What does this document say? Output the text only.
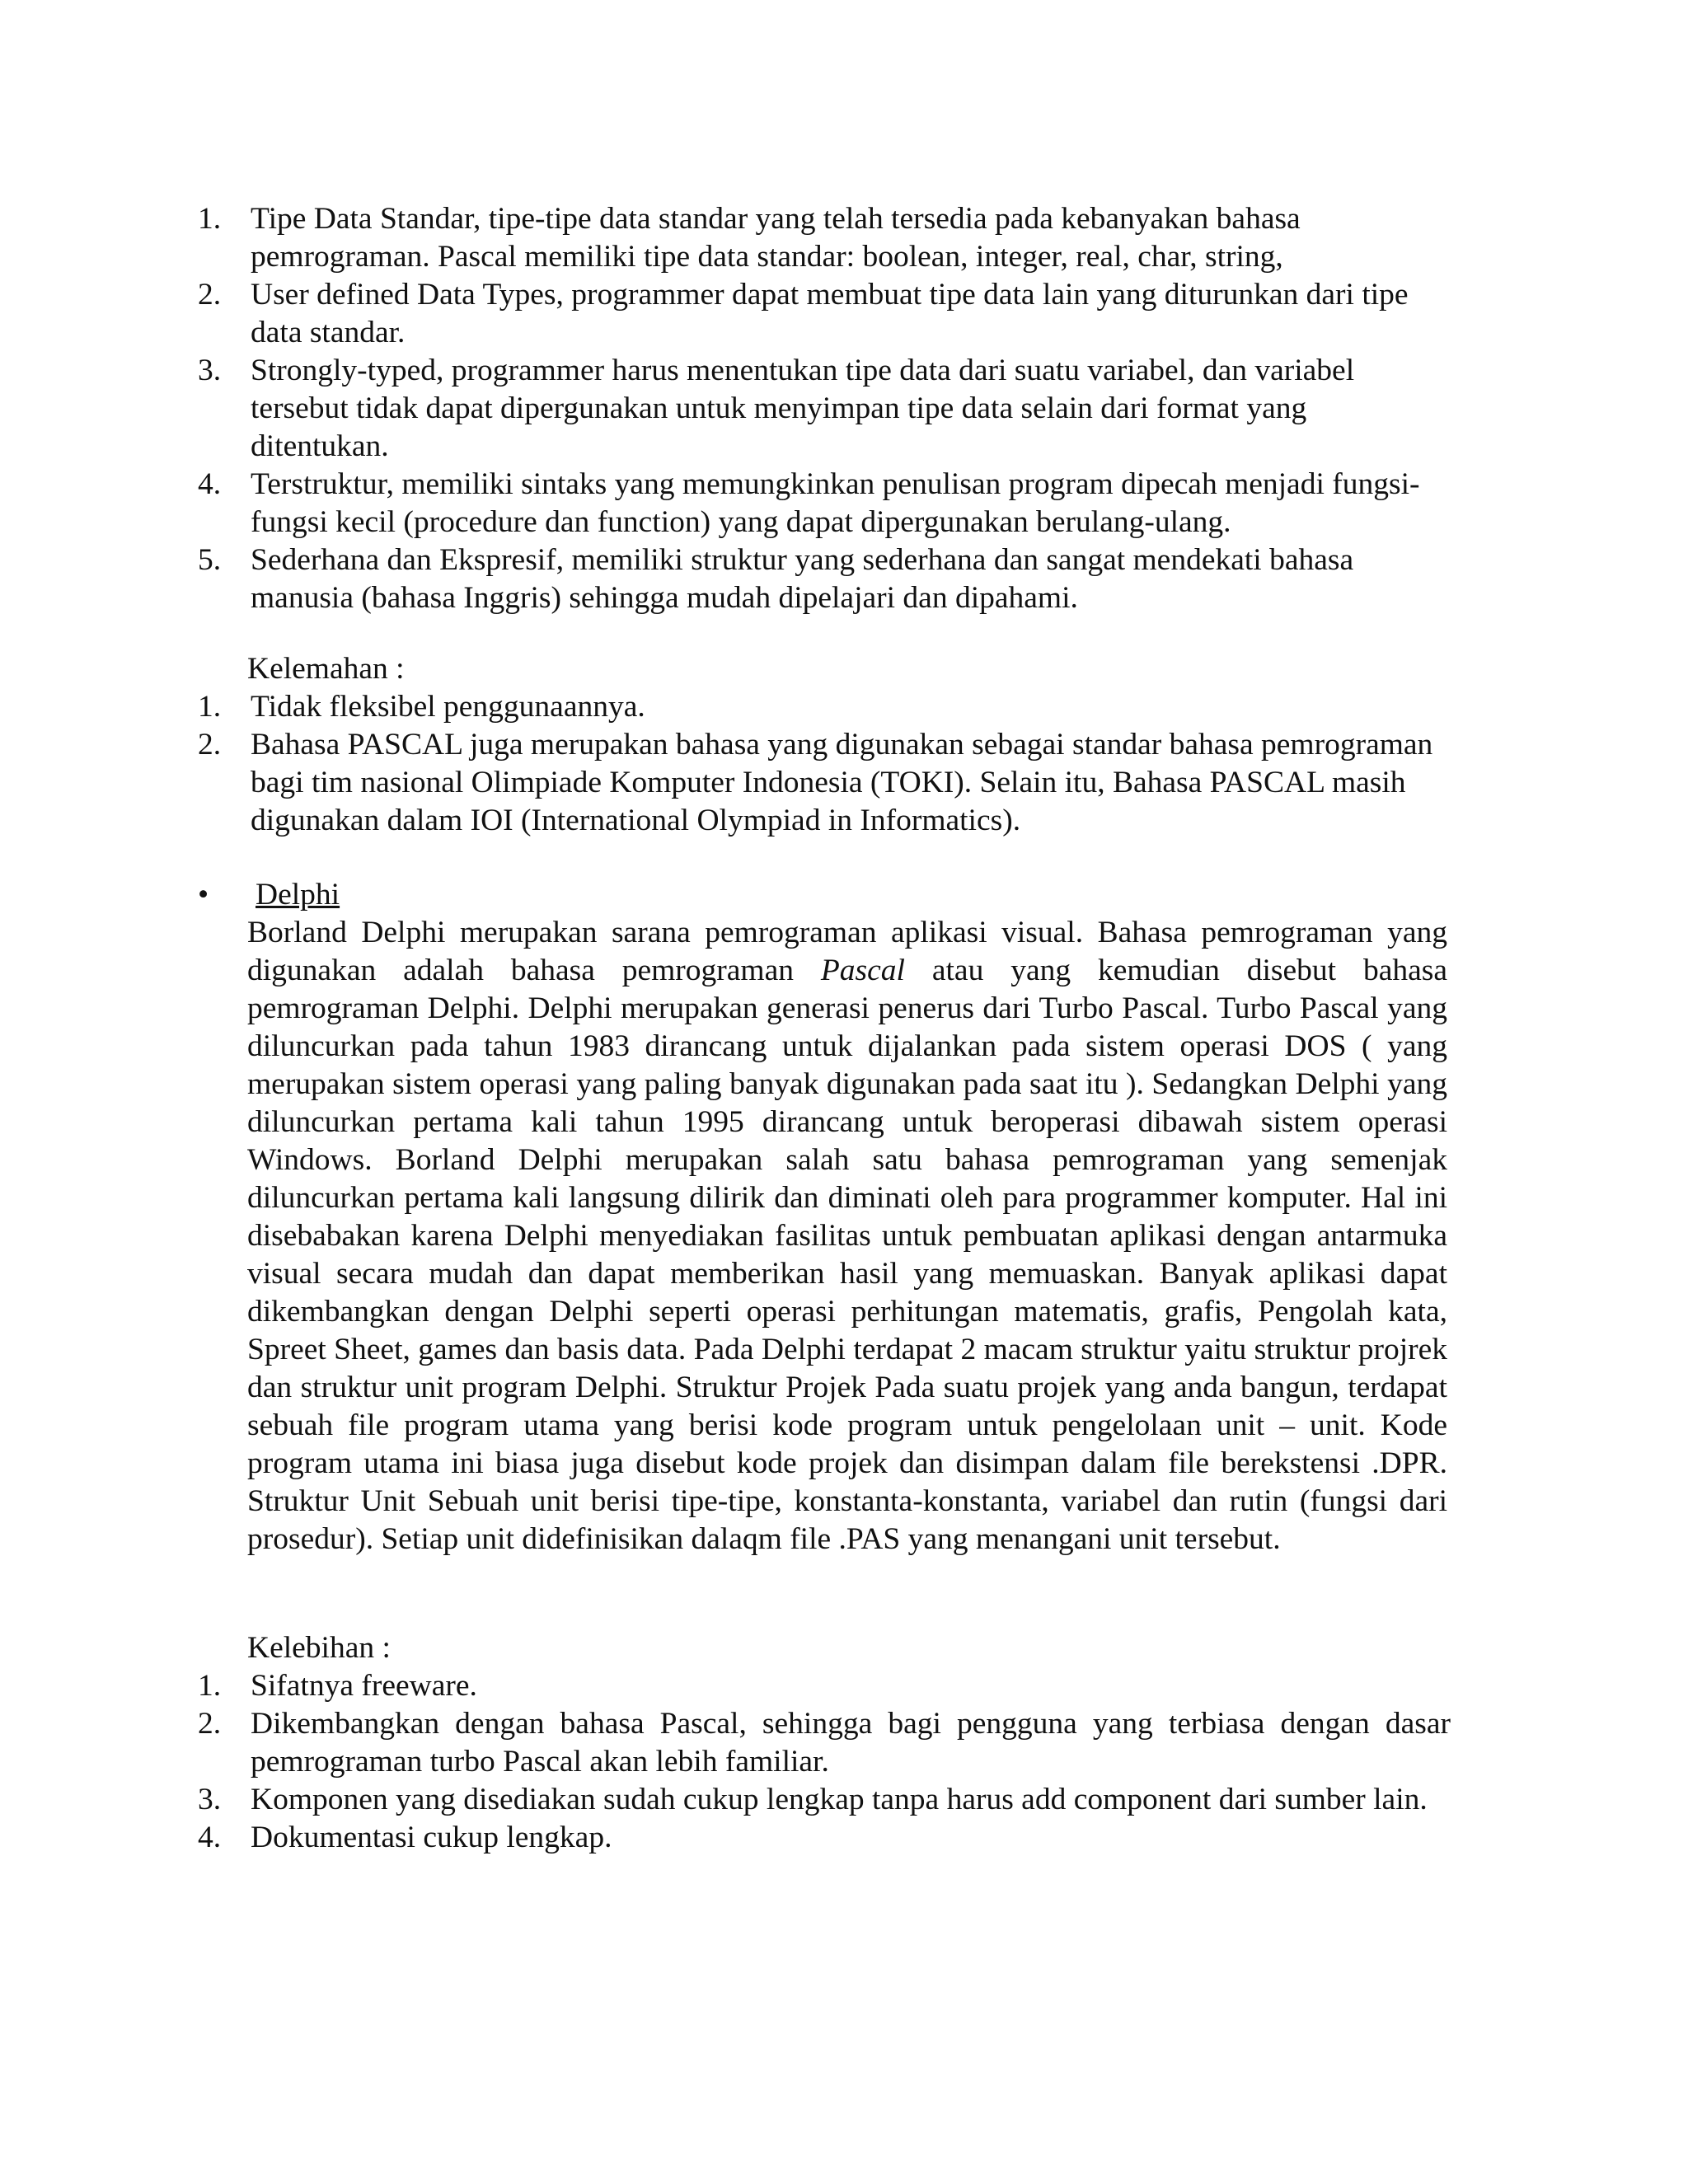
1. Tipe Data Standar, tipe-tipe data standar yang telah tersedia pada kebanyakan bahasa pemrograman. Pascal memiliki tipe data standar: boolean, integer, real, char, string,
2. User defined Data Types, programmer dapat membuat tipe data lain yang diturunkan dari tipe data standar.
3. Strongly-typed, programmer harus menentukan tipe data dari suatu variabel, dan variabel tersebut tidak dapat dipergunakan untuk menyimpan tipe data selain dari format yang ditentukan.
4. Terstruktur, memiliki sintaks yang memungkinkan penulisan program dipecah menjadi fungsi-fungsi kecil (procedure dan function) yang dapat dipergunakan berulang-ulang.
5. Sederhana dan Ekspresif, memiliki struktur yang sederhana dan sangat mendekati bahasa manusia (bahasa Inggris) sehingga mudah dipelajari dan dipahami.
Kelemahan :
1. Tidak fleksibel penggunaannya.
2. Bahasa PASCAL juga merupakan bahasa yang digunakan sebagai standar bahasa pemrograman bagi tim nasional Olimpiade Komputer Indonesia (TOKI). Selain itu, Bahasa PASCAL masih digunakan dalam IOI (International Olympiad in Informatics).
• Delphi

Borland Delphi merupakan sarana pemrograman aplikasi visual. Bahasa pemrograman yang digunakan adalah bahasa pemrograman Pascal atau yang kemudian disebut bahasa pemrograman Delphi. Delphi merupakan generasi penerus dari Turbo Pascal. Turbo Pascal yang diluncurkan pada tahun 1983 dirancang untuk dijalankan pada sistem operasi DOS ( yang merupakan sistem operasi yang paling banyak digunakan pada saat itu ). Sedangkan Delphi yang diluncurkan pertama kali tahun 1995 dirancang untuk beroperasi dibawah sistem operasi Windows. Borland Delphi merupakan salah satu bahasa pemrograman yang semenjak diluncurkan pertama kali langsung dilirik dan diminati oleh para programmer komputer. Hal ini disebabakan karena Delphi menyediakan fasilitas untuk pembuatan aplikasi dengan antarmuka visual secara mudah dan dapat memberikan hasil yang memuaskan. Banyak aplikasi dapat dikembangkan dengan Delphi seperti operasi perhitungan matematis, grafis, Pengolah kata, Spreet Sheet, games dan basis data. Pada Delphi terdapat 2 macam struktur yaitu struktur projrek dan struktur unit program Delphi. Struktur Projek Pada suatu projek yang anda bangun, terdapat sebuah file program utama yang berisi kode program untuk pengelolaan unit – unit. Kode program utama ini biasa juga disebut kode projek dan disimpan dalam file berekstensi .DPR. Struktur Unit Sebuah unit berisi tipe-tipe, konstanta-konstanta, variabel dan rutin (fungsi dari prosedur). Setiap unit didefinisikan dalaqm file .PAS yang menangani unit tersebut.

Kelebihan :
1. Sifatnya freeware.
2. Dikembangkan dengan bahasa Pascal, sehingga bagi pengguna yang terbiasa dengan dasar pemrograman turbo Pascal akan lebih familiar.
3. Komponen yang disediakan sudah cukup lengkap tanpa harus add component dari sumber lain.
4. Dokumentasi cukup lengkap.
